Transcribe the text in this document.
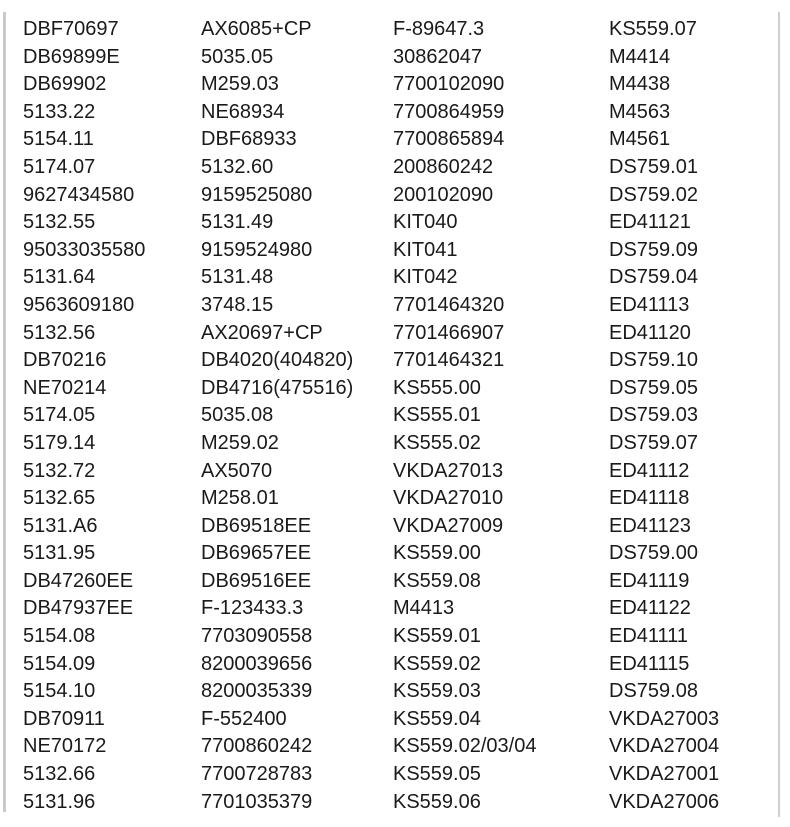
DBF70697	AX6085+CP	F-89647.3	KS559.07
DB69899E	5035.05	30862047	M4414
DB69902	M259.03	7700102090	M4438
5133.22	NE68934	7700864959	M4563
5154.11	DBF68933	7700865894	M4561
5174.07	5132.60	200860242	DS759.01
9627434580	9159525080	200102090	DS759.02
5132.55	5131.49	KIT040	ED41121
95033035580	9159524980	KIT041	DS759.09
5131.64	5131.48	KIT042	DS759.04
9563609180	3748.15	7701464320	ED41113
5132.56	AX20697+CP	7701466907	ED41120
DB70216	DB4020(404820)	7701464321	DS759.10
NE70214	DB4716(475516)	KS555.00	DS759.05
5174.05	5035.08	KS555.01	DS759.03
5179.14	M259.02	KS555.02	DS759.07
5132.72	AX5070	VKDA27013	ED41112
5132.65	M258.01	VKDA27010	ED41118
5131.A6	DB69518EE	VKDA27009	ED41123
5131.95	DB69657EE	KS559.00	DS759.00
DB47260EE	DB69516EE	KS559.08	ED41119
DB47937EE	F-123433.3	M4413	ED41122
5154.08	7703090558	KS559.01	ED41111
5154.09	8200039656	KS559.02	ED41115
5154.10	8200035339	KS559.03	DS759.08
DB70911	F-552400	KS559.04	VKDA27003
NE70172	7700860242	KS559.02/03/04	VKDA27004
5132.66	7700728783	KS559.05	VKDA27001
5131.96	7701035379	KS559.06	VKDA27006
